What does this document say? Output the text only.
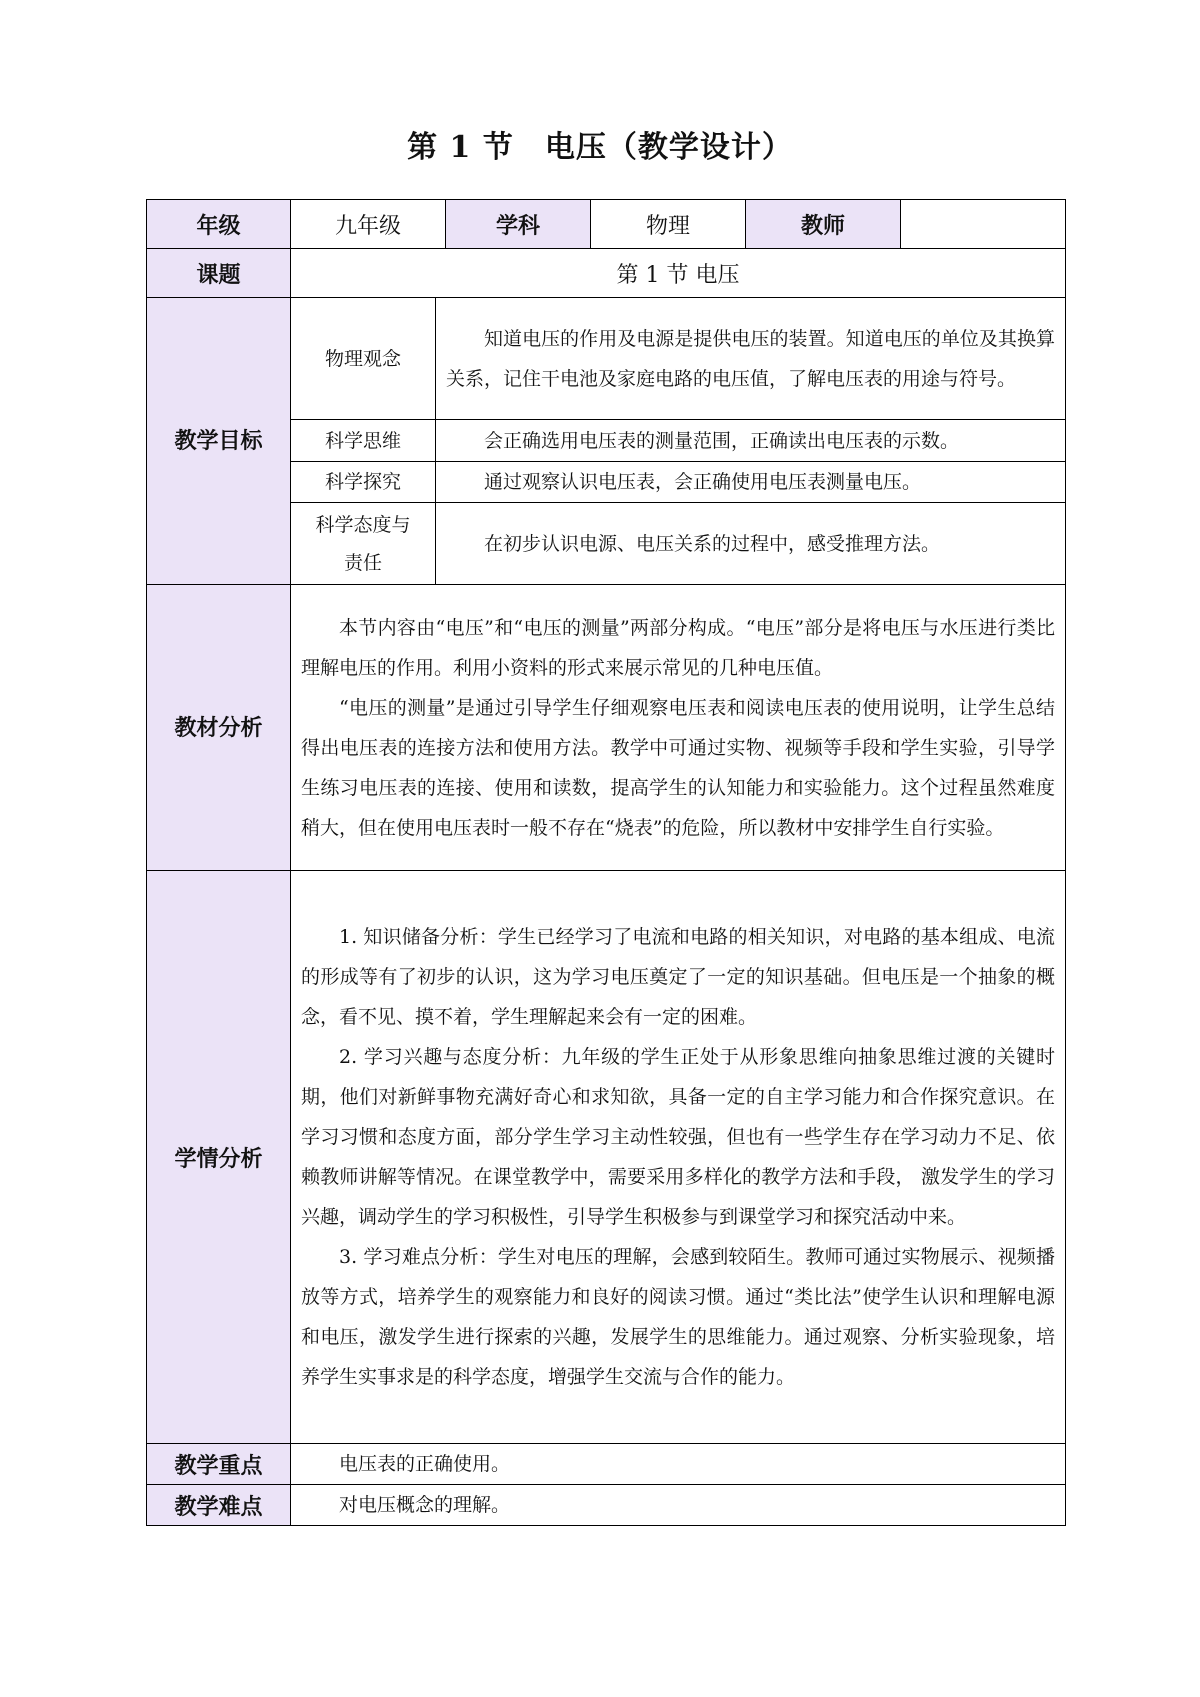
第 1 节　电压（教学设计）
年级	九年级		学科	物理	教师	
课题	第 1 节 电压					
教学目标	物理观念	知道电压的作用及电源是提供电压的装置。知道电压的单位及其换算关系，记住干电池及家庭电路的电压值，了解电压表的用途与符号。				

	科学思维	会正确选用电压表的测量范围，正确读出电压表的示数。				

	科学探究	通过观察认识电压表，会正确使用电压表测量电压。				

	科学态度与责任	在初步认识电源、电压关系的过程中，感受推理方法。				

教材分析	本节内容由“电压”和“电压的测量”两部分构成。“电压”部分是将电压与水压进行类比理解电压的作用。利用小资料的形式来展示常见的几种电压值。

“电压的测量”是通过引导学生仔细观察电压表和阅读电压表的使用说明，让学生总结得出电压表的连接方法和使用方法。教学中可通过实物、视频等手段和学生实验，引导学生练习电压表的连接、使用和读数，提高学生的认知能力和实验能力。这个过程虽然难度稍大，但在使用电压表时一般不存在“烧表”的危险，所以教材中安排学生自行实验。					

学情分析	1. 知识储备分析：学生已经学习了电流和电路的相关知识，对电路的基本组成、电流的形成等有了初步的认识，这为学习电压奠定了一定的知识基础。但电压是一个抽象的概念，看不见、摸不着，学生理解起来会有一定的困难。

2. 学习兴趣与态度分析：九年级的学生正处于从形象思维向抽象思维过渡的关键时期，他们对新鲜事物充满好奇心和求知欲，具备一定的自主学习能力和合作探究意识。在学习习惯和态度方面，部分学生学习主动性较强，但也有一些学生存在学习动力不足、依赖教师讲解等情况。在课堂教学中，需要采用多样化的教学方法和手段， 激发学生的学习兴趣，调动学生的学习积极性，引导学生积极参与到课堂学习和探究活动中来。

3. 学习难点分析：学生对电压的理解，会感到较陌生。教师可通过实物展示、视频播放等方式，培养学生的观察能力和良好的阅读习惯。通过“类比法”使学生认识和理解电源和电压，激发学生进行探索的兴趣，发展学生的思维能力。通过观察、分析实验现象，培养学生实事求是的科学态度，增强学生交流与合作的能力。					

教学重点	电压表的正确使用。					

教学难点	对电压概念的理解。					
